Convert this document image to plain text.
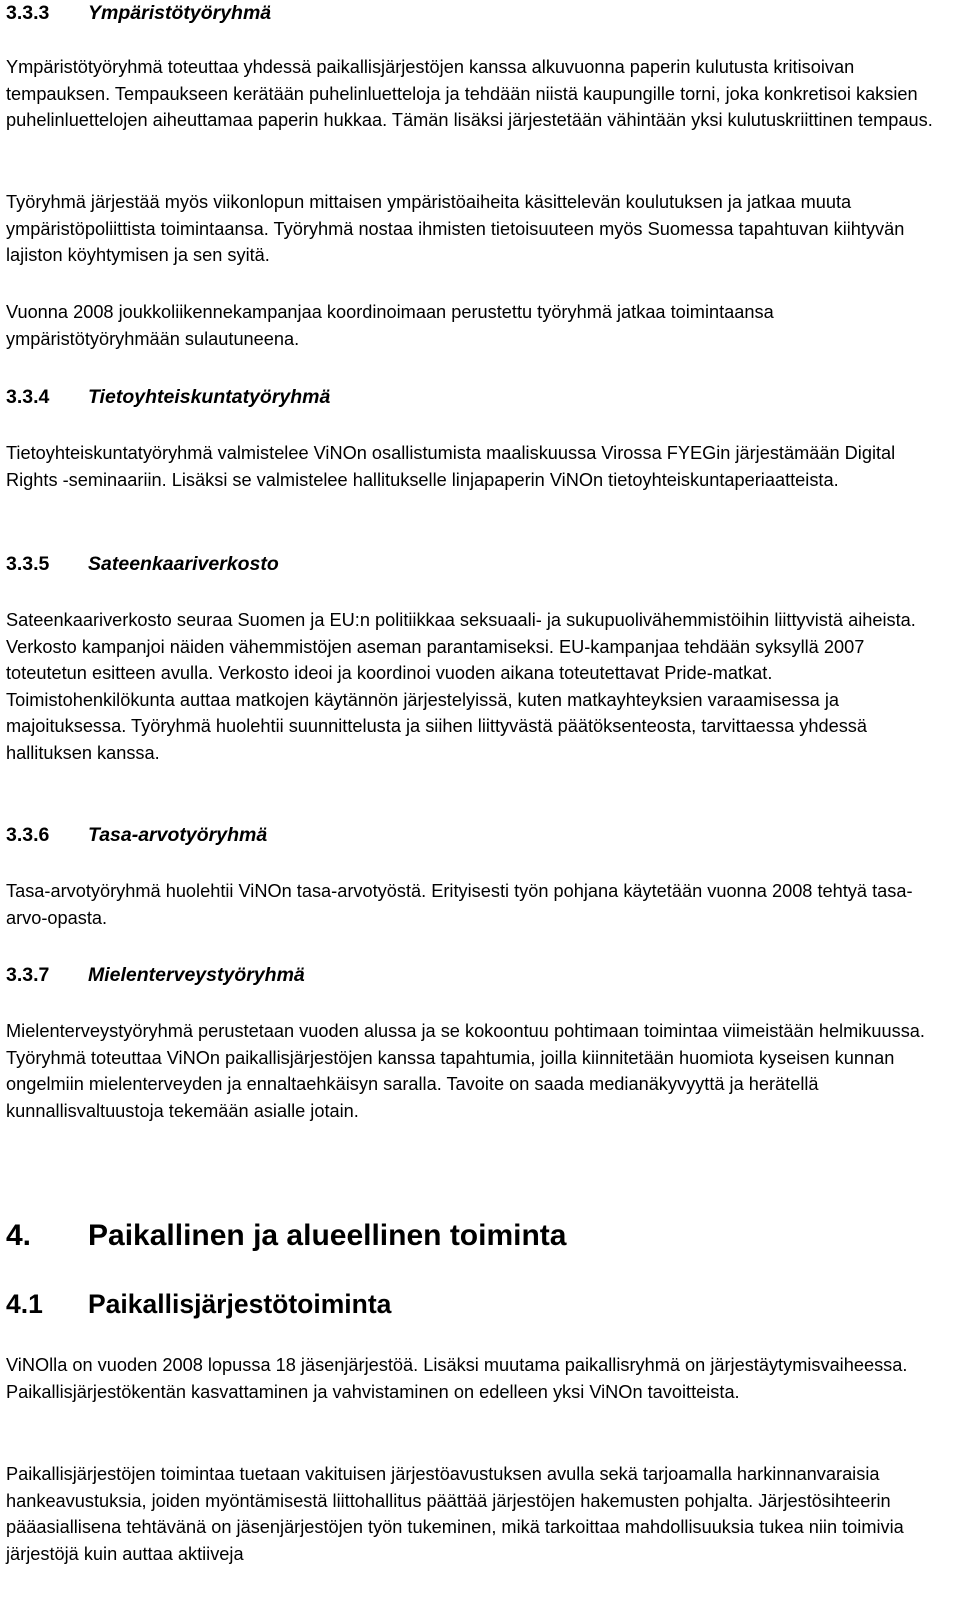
3.3.3	Ympäristötyöryhmä

Ympäristötyöryhmä toteuttaa yhdessä paikallisjärjestöjen kanssa alkuvuonna paperin kulutusta kritisoivan tempauksen. Tempaukseen kerätään puhelinluetteloja ja tehdään niistä kaupungille torni, joka konkretisoi kaksien puhelinluettelojen aiheuttamaa paperin hukkaa. Tämän lisäksi järjestetään vähintään yksi kulutuskriittinen tempaus.

Työryhmä järjestää myös viikonlopun mittaisen ympäristöaiheita käsittelevän koulutuksen ja jatkaa muuta ympäristöpoliittista toimintaansa. Työryhmä nostaa ihmisten tietoisuuteen myös Suomessa tapahtuvan kiihtyvän lajiston köyhtymisen ja sen syitä.

Vuonna 2008 joukkoliikennekampanjaa koordinoimaan perustettu työryhmä jatkaa toimintaansa ympäristötyöryhmään sulautuneena.

3.3.4	Tietoyhteiskuntatyöryhmä

Tietoyhteiskuntatyöryhmä valmistelee ViNOn osallistumista maaliskuussa Virossa FYEGin järjestämään Digital Rights -seminaariin. Lisäksi se valmistelee hallitukselle linjapaperin ViNOn tietoyhteiskuntaperiaatteista.

3.3.5	Sateenkaariverkosto

Sateenkaariverkosto seuraa Suomen ja EU:n politiikkaa seksuaali- ja sukupuolivähemmistöihin liittyvistä aiheista. Verkosto kampanjoi näiden vähemmistöjen aseman parantamiseksi. EU-kampanjaa tehdään syksyllä 2007 toteutetun esitteen avulla. Verkosto ideoi ja koordinoi vuoden aikana toteutettavat Pride-matkat. Toimistohenkilökunta auttaa matkojen käytännön järjestelyissä, kuten matkayhteyksien varaamisessa ja majoituksessa. Työryhmä huolehtii suunnittelusta ja siihen liittyvästä päätöksenteosta, tarvittaessa yhdessä hallituksen kanssa.

3.3.6	Tasa-arvotyöryhmä

Tasa-arvotyöryhmä huolehtii ViNOn tasa-arvotyöstä. Erityisesti työn pohjana käytetään vuonna 2008 tehtyä tasa-arvo-opasta.

3.3.7	Mielenterveystyöryhmä

Mielenterveystyöryhmä perustetaan vuoden alussa ja se kokoontuu pohtimaan toimintaa viimeistään helmikuussa. Työryhmä toteuttaa ViNOn paikallisjärjestöjen kanssa tapahtumia, joilla kiinnitetään huomiota kyseisen kunnan ongelmiin mielenterveyden ja ennaltaehkäisyn saralla. Tavoite on saada medianäkyvyyttä ja herätellä kunnallisvaltuustoja tekemään asialle jotain.

4.	Paikallinen ja alueellinen toiminta
4.1	Paikallisjärjestötoiminta

ViNOlla on vuoden 2008 lopussa 18 jäsenjärjestöä. Lisäksi muutama paikallisryhmä on järjestäytymisvaiheessa. Paikallisjärjestökentän kasvattaminen ja vahvistaminen on edelleen yksi ViNOn tavoitteista.

Paikallisjärjestöjen toimintaa tuetaan vakituisen järjestöavustuksen avulla sekä tarjoamalla harkinnanvaraisia hankeavustuksia, joiden myöntämisestä liittohallitus päättää järjestöjen hakemusten pohjalta. Järjestösihteerin pääasiallisena tehtävänä on jäsenjärjestöjen työn tukeminen, mikä tarkoittaa mahdollisuuksia tukea niin toimivia järjestöjä kuin auttaa aktiiveja
